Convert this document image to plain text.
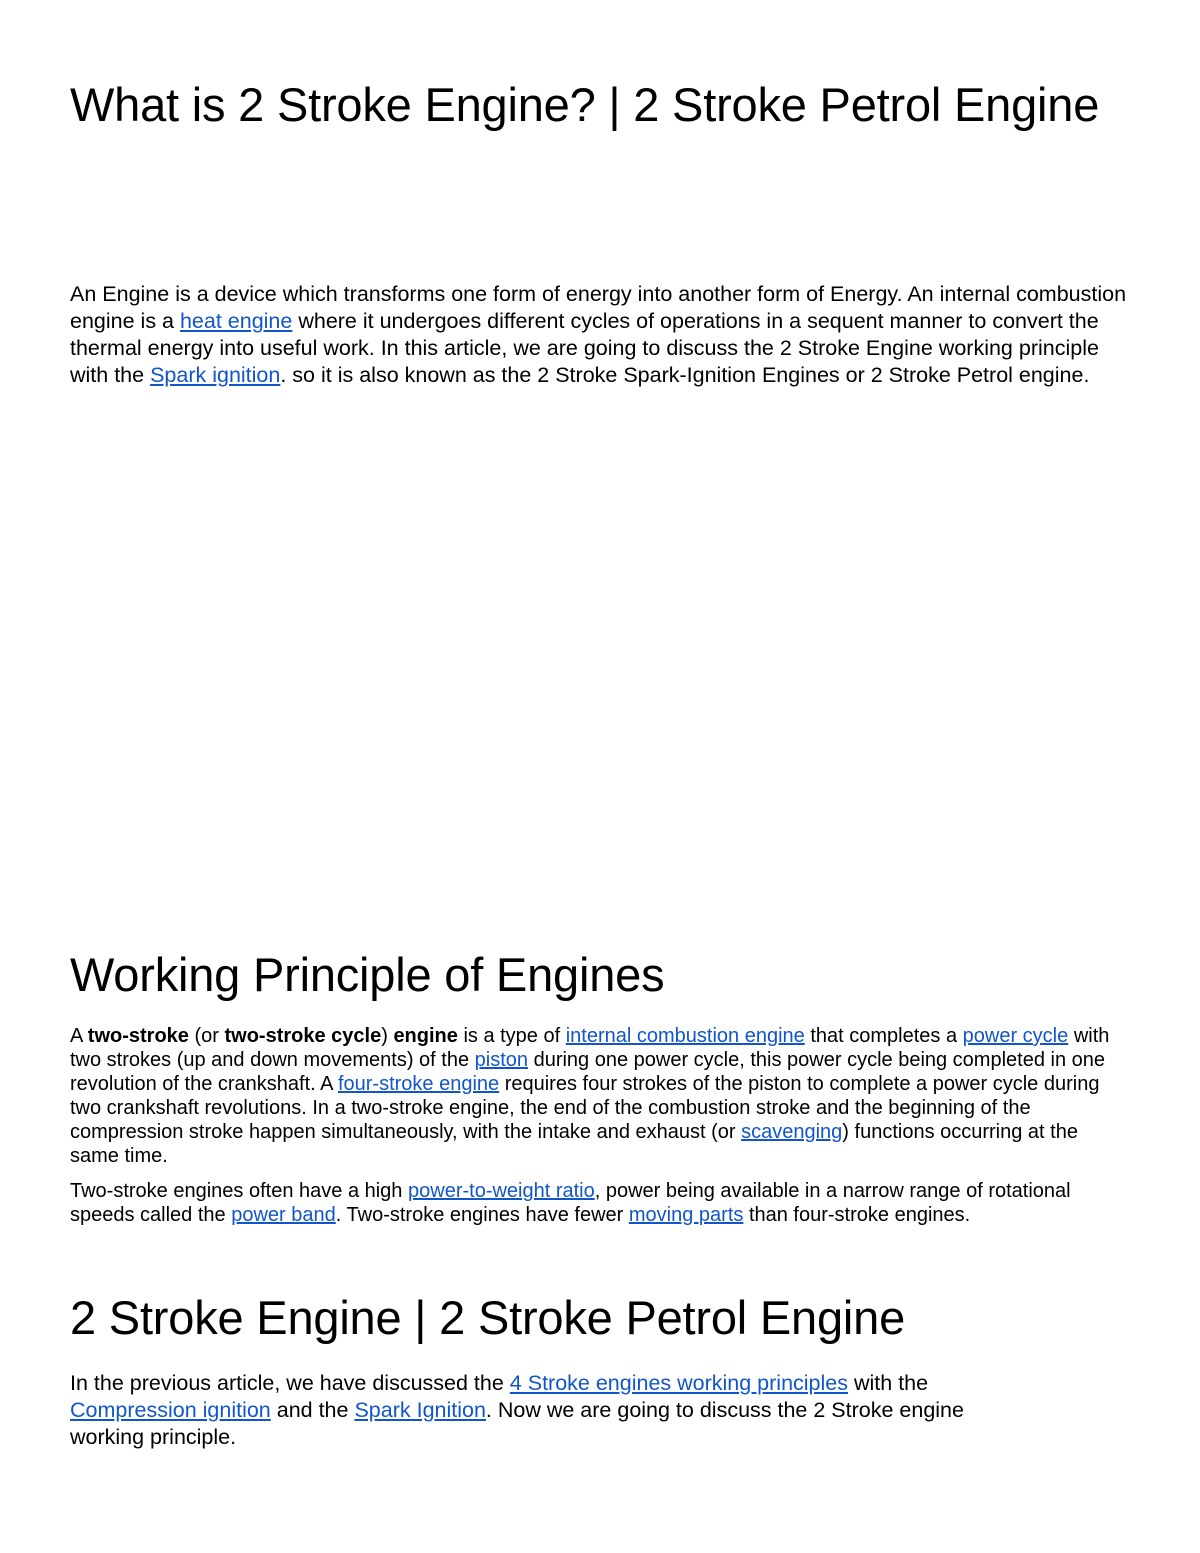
What is 2 Stroke Engine? | 2 Stroke Petrol Engine

An Engine is a device which transforms one form of energy into another form of Energy. An internal combustion engine is a heat engine where it undergoes different cycles of operations in a sequent manner to convert the thermal energy into useful work. In this article, we are going to discuss the 2 Stroke Engine working principle with the Spark ignition. so it is also known as the 2 Stroke Spark-Ignition Engines or 2 Stroke Petrol engine.

Working Principle of Engines

A two-stroke (or two-stroke cycle) engine is a type of internal combustion engine that completes a power cycle with two strokes (up and down movements) of the piston during one power cycle, this power cycle being completed in one revolution of the crankshaft. A four-stroke engine requires four strokes of the piston to complete a power cycle during two crankshaft revolutions. In a two-stroke engine, the end of the combustion stroke and the beginning of the compression stroke happen simultaneously, with the intake and exhaust (or scavenging) functions occurring at the same time.

Two-stroke engines often have a high power-to-weight ratio, power being available in a narrow range of rotational speeds called the power band. Two-stroke engines have fewer moving parts than four-stroke engines.

2 Stroke Engine | 2 Stroke Petrol Engine

In the previous article, we have discussed the 4 Stroke engines working principles with the Compression ignition and the Spark Ignition. Now we are going to discuss the 2 Stroke engine working principle.
